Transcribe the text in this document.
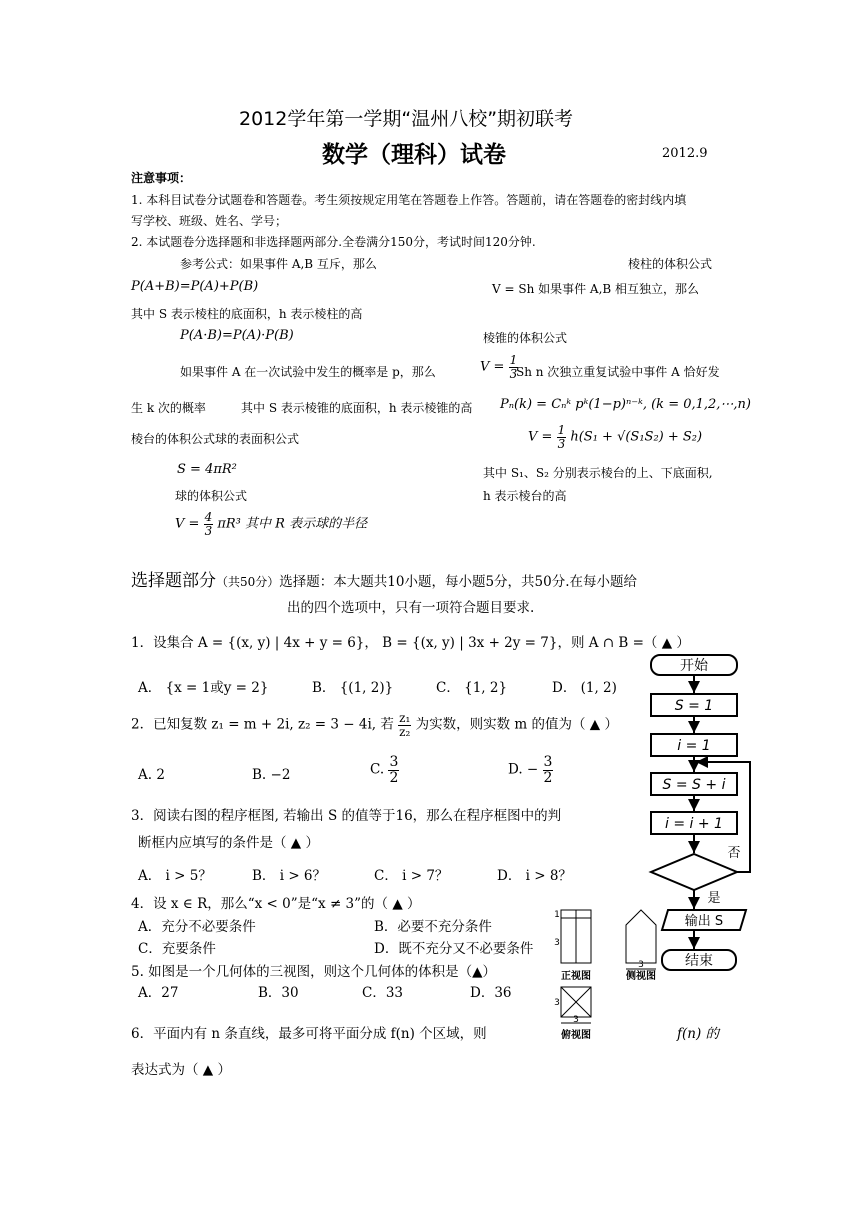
2012学年第一学期“温州八校”期初联考
数学（理科）试卷	2012.9
注意事项：
1. 本科目试卷分试题卷和答题卷。考生须按规定用笔在答题卷上作答。答题前，请在答题卷的密封线内填
写学校、班级、姓名、学号；
2. 本试题卷分选择题和非选择题两部分.全卷满分150分，考试时间120分钟.
参考公式：如果事件 A,B 互斥，那么	棱柱的体积公式
P(A+B)=P(A)+P(B)	V = Sh 如果事件 A,B 相互独立，那么
其中 S 表示棱柱的底面积，h 表示棱柱的高
P(A·B)=P(A)·P(B)	棱锥的体积公式
如果事件 A 在一次试验中发生的概率是 p，那么	$V = \frac{1}{3}$
Sh n 次独立重复试验中事件 A 恰好发
生 k 次的概率	其中 S 表示棱锥的底面积，h 表示棱锥的高 Pₙ(k) = Cₙᵏ pᵏ(1−p)ⁿ⁻ᵏ, (k = 0,1,2,⋯,n)
棱台的体积公式球的表面积公式	$V = \frac{1}{3} h(S_1 + √(S_1S_2) + S_2)$
S = 4πR²	其中 S₁、S₂ 分别表示棱台的上、下底面积,
球的体积公式	h 表示棱台的高
$V = \frac{4}{3} \pi R^3$ 其中 R 表示球的半径
选择题部分（共50分）选择题：本大题共10小题，每小题5分，共50分.在每小题给
出的四个选项中，只有一项符合题目要求.
1．设集合 A = {(x, y) | 4x + y = 6}， B = {(x, y) | 3x + 2y = 7}，则 A ∩ B =（ ▲ ）
A． {x = 1或y = 2}	B． {(1, 2)}	C． {1, 2}	D． (1, 2)
2．已知复数 z₁ = m + 2i, z₂ = 3 − 4i, 若 $\frac{\text{z₁}}{\text{z₂}}$ 为实数，则实数 m 的值为（ ▲ ）
A. 2	B. −2	C. $\frac{3}{2}$	D. − $\frac{3}{2}$
3．阅读右图的程序框图, 若输出 S 的值等于16，那么在程序框图中的判
断框内应填写的条件是（ ▲ ）
A． i > 5？	B． i > 6？	C． i > 7？	D． i > 8？
4．设 x ∈ R，那么“x < 0”是“x ≠ 3”的（ ▲ ）
A．充分不必要条件	B．必要不充分条件
C．充要条件	D．既不充分又不必要条件
5. 如图是一个几何体的三视图，则这个几何体的体积是（▲）
A．27	B．30	C．33	D．36
6．平面内有 n 条直线，最多可将平面分成 f(n) 个区域，则	f(n) 的
表达式为（ ▲ ）
开始
S = 1
i = 1
S = S + i
i = i + 1
否
是
输出 S
结束
1
3
3
3
3
正视图	侧视图
俯视图
